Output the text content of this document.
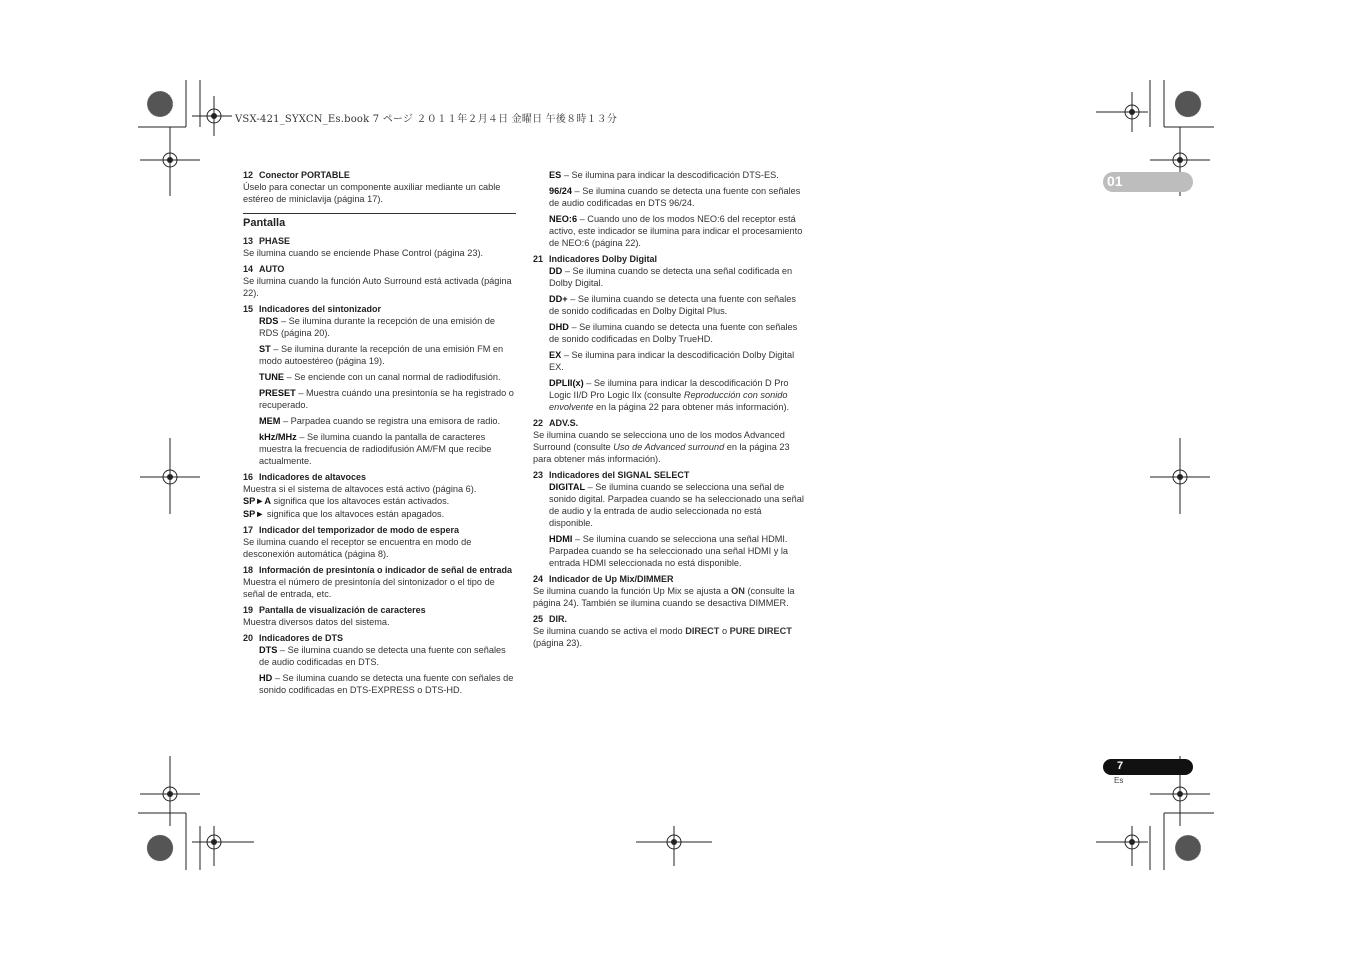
VSX-421_SYXCN_Es.book 7 ページ ２０１１年２月４日 金曜日 午後８時１３分
01
7
Es
12 Conector PORTABLE
Úselo para conectar un componente auxiliar mediante un cable estéreo de miniclavija (página 17).
Pantalla
13 PHASE
Se ilumina cuando se enciende Phase Control (página 23).
14 AUTO
Se ilumina cuando la función Auto Surround está activada (página 22).
15 Indicadores del sintonizador
RDS – Se ilumina durante la recepción de una emisión de RDS (página 20).
ST – Se ilumina durante la recepción de una emisión FM en modo autoestéreo (página 19).
TUNE – Se enciende con un canal normal de radiodifusión.
PRESET – Muestra cuándo una presintonía se ha registrado o recuperado.
MEM – Parpadea cuando se registra una emisora de radio.
kHz/MHz – Se ilumina cuando la pantalla de caracteres muestra la frecuencia de radiodifusión AM/FM que recibe actualmente.
16 Indicadores de altavoces
Muestra si el sistema de altavoces está activo (página 6).
SP►A significa que los altavoces están activados.
SP► significa que los altavoces están apagados.
17 Indicador del temporizador de modo de espera
Se ilumina cuando el receptor se encuentra en modo de desconexión automática (página 8).
18 Información de presintonía o indicador de señal de entrada
Muestra el número de presintonía del sintonizador o el tipo de señal de entrada, etc.
19 Pantalla de visualización de caracteres
Muestra diversos datos del sistema.
20 Indicadores de DTS
DTS – Se ilumina cuando se detecta una fuente con señales de audio codificadas en DTS.
HD – Se ilumina cuando se detecta una fuente con señales de sonido codificadas en DTS-EXPRESS o DTS-HD.
ES – Se ilumina para indicar la descodificación DTS-ES.
96/24 – Se ilumina cuando se detecta una fuente con señales de audio codificadas en DTS 96/24.
NEO:6 – Cuando uno de los modos NEO:6 del receptor está activo, este indicador se ilumina para indicar el procesamiento de NEO:6 (página 22).
21 Indicadores Dolby Digital
DD – Se ilumina cuando se detecta una señal codificada en Dolby Digital.
DD+ – Se ilumina cuando se detecta una fuente con señales de sonido codificadas en Dolby Digital Plus.
DHD – Se ilumina cuando se detecta una fuente con señales de sonido codificadas en Dolby TrueHD.
EX – Se ilumina para indicar la descodificación Dolby Digital EX.
DPLII(x) – Se ilumina para indicar la descodificación D Pro Logic II/D Pro Logic IIx (consulte Reproducción con sonido envolvente en la página 22 para obtener más información).
22 ADV.S.
Se ilumina cuando se selecciona uno de los modos Advanced Surround (consulte Uso de Advanced surround en la página 23 para obtener más información).
23 Indicadores del SIGNAL SELECT
DIGITAL – Se ilumina cuando se selecciona una señal de sonido digital. Parpadea cuando se ha seleccionado una señal de audio y la entrada de audio seleccionada no está disponible.
HDMI – Se ilumina cuando se selecciona una señal HDMI. Parpadea cuando se ha seleccionado una señal HDMI y la entrada HDMI seleccionada no está disponible.
24 Indicador de Up Mix/DIMMER
Se ilumina cuando la función Up Mix se ajusta a ON (consulte la página 24). También se ilumina cuando se desactiva DIMMER.
25 DIR.
Se ilumina cuando se activa el modo DIRECT o PURE DIRECT (página 23).
